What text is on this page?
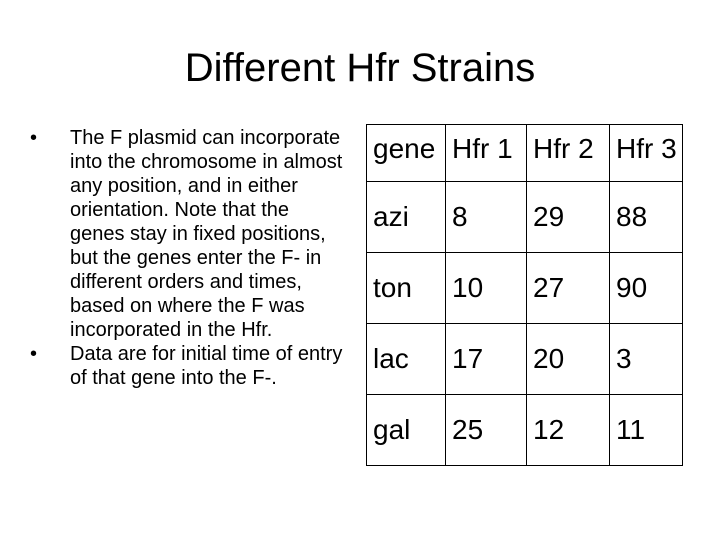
Different Hfr Strains
•	The F plasmid can incorporate into the chromosome in almost any position, and in either orientation. Note that the genes stay in fixed positions, but the genes enter the F- in different orders and times, based on where the F was incorporated in the Hfr.
•	Data are for initial time of entry of that gene into the F-.
gene	Hfr 1	Hfr 2	Hfr 3
azi	8	29	88
ton	10	27	90
lac	17	20	3
gal	25	12	11
